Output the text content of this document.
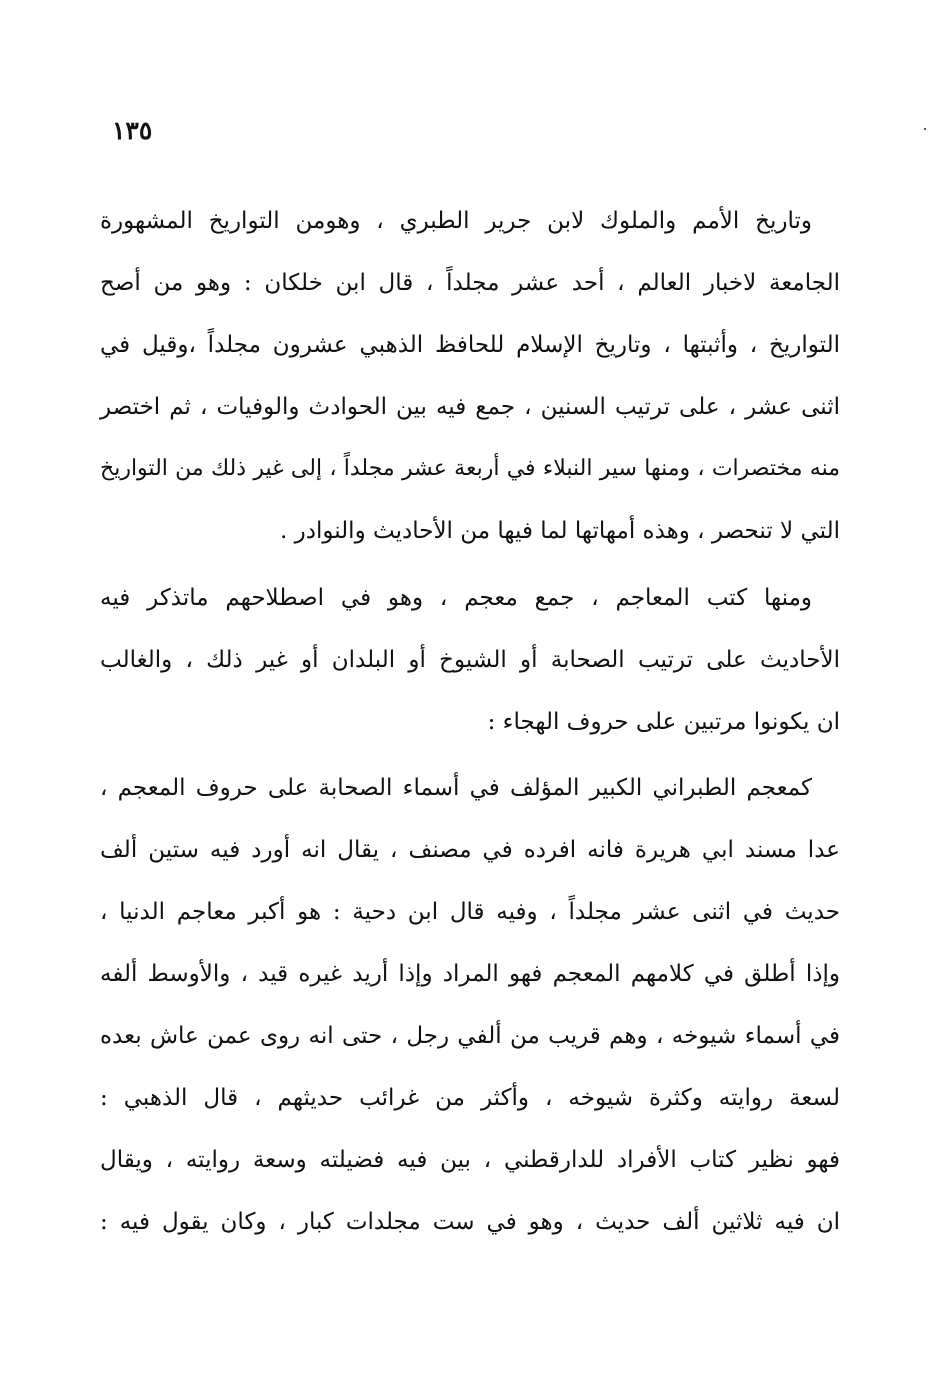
١٣٥
وتاريخ الأمم والملوك لابن جرير الطبري ، وهومن التواريخ المشهورة
الجامعة لاخبار العالم ، أحد عشر مجلداً ، قال ابن خلكان : وهو من أصح
التواريخ ، وأثبتها ، وتاريخ الإسلام للحافظ الذهبي عشرون مجلداً ،وقيل في
اثنى عشر ، على ترتيب السنين ، جمع فيه بين الحوادث والوفيات ، ثم اختصر
منه مختصرات ، ومنها سير النبلاء في أربعة عشر مجلداً ، إلى غير ذلك من التواريخ
التي لا تنحصر ، وهذه أمهاتها لما فيها من الأحاديث والنوادر .
ومنها كتب المعاجم ، جمع معجم ، وهو في اصطلاحهم ماتذكر فيه
الأحاديث على ترتيب الصحابة أو الشيوخ أو البلدان أو غير ذلك ، والغالب
ان يكونوا مرتبين على حروف الهجاء :
كمعجم الطبراني الكبير المؤلف في أسماء الصحابة على حروف المعجم ،
عدا مسند ابي هريرة فانه افرده في مصنف ، يقال انه أورد فيه ستين ألف
حديث في اثنى عشر مجلداً ، وفيه قال ابن دحية : هو أكبر معاجم الدنيا ،
وإذا أطلق في كلامهم المعجم فهو المراد وإذا أريد غيره قيد ، والأوسط ألفه
في أسماء شيوخه ، وهم قريب من ألفي رجل ، حتى انه روى عمن عاش بعده
لسعة روايته وكثرة شيوخه ، وأكثر من غرائب حديثهم ، قال الذهبي :
فهو نظير كتاب الأفراد للدارقطني ، بين فيه فضيلته وسعة روايته ، ويقال
ان فيه ثلاثين ألف حديث ، وهو في ست مجلدات كبار ، وكان يقول فيه :
